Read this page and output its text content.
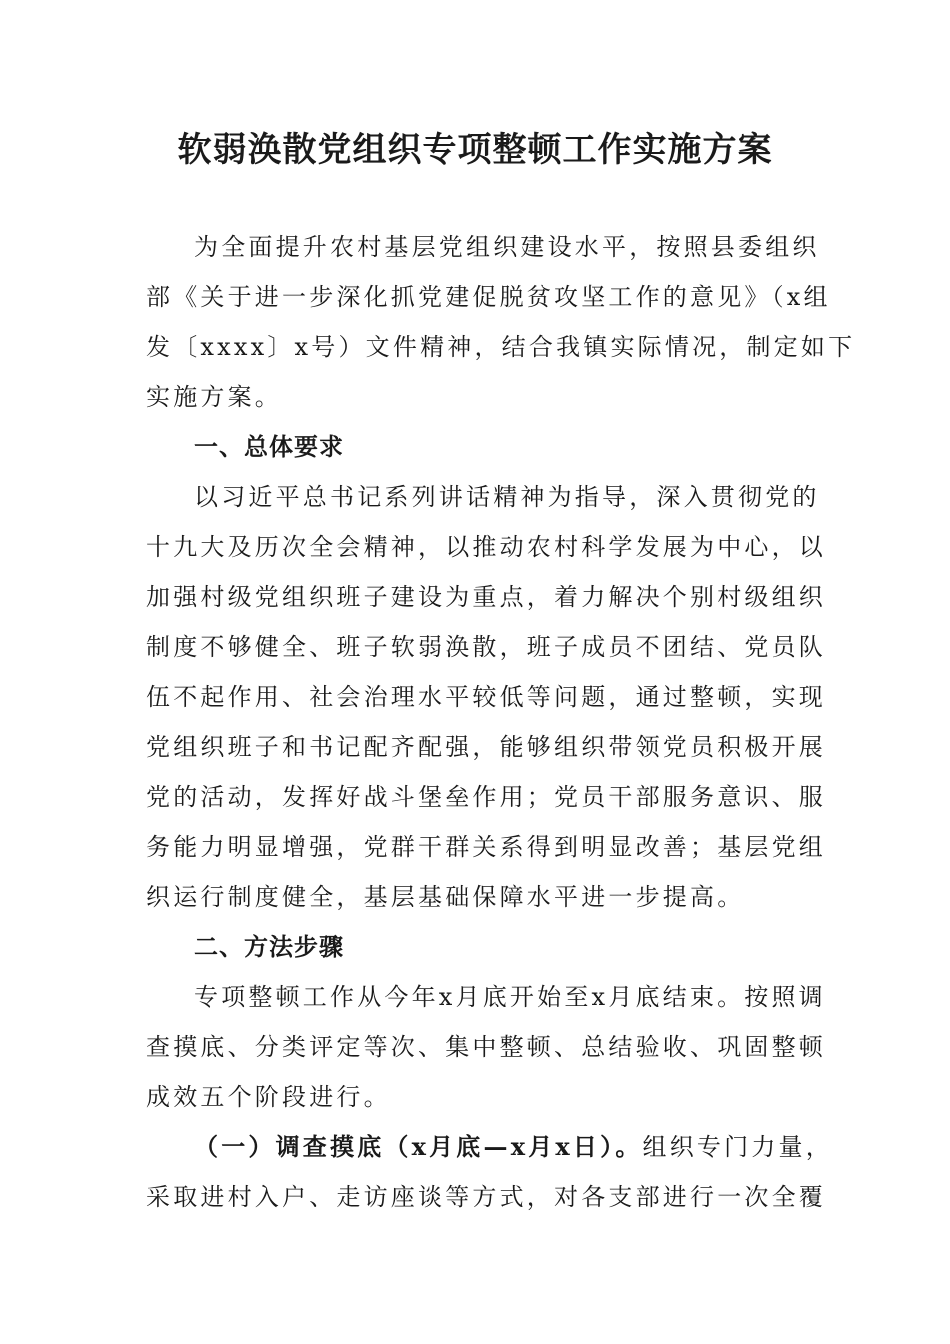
软弱涣散党组织专项整顿工作实施方案
为全面提升农村基层党组织建设水平，按照县委组织
部《关于进一步深化抓党建促脱贫攻坚工作的意见》（x组
发〔xxxx〕x号）文件精神，结合我镇实际情况，制定如下
实施方案。
一、总体要求
以习近平总书记系列讲话精神为指导，深入贯彻党的
十九大及历次全会精神，以推动农村科学发展为中心，以
加强村级党组织班子建设为重点，着力解决个别村级组织
制度不够健全、班子软弱涣散，班子成员不团结、党员队
伍不起作用、社会治理水平较低等问题，通过整顿，实现
党组织班子和书记配齐配强，能够组织带领党员积极开展
党的活动，发挥好战斗堡垒作用；党员干部服务意识、服
务能力明显增强，党群干群关系得到明显改善；基层党组
织运行制度健全，基层基础保障水平进一步提高。
二、方法步骤
专项整顿工作从今年x月底开始至x月底结束。按照调
查摸底、分类评定等次、集中整顿、总结验收、巩固整顿
成效五个阶段进行。
（一）调查摸底（x月底—x月x日）。组织专门力量，
采取进村入户、走访座谈等方式，对各支部进行一次全覆
